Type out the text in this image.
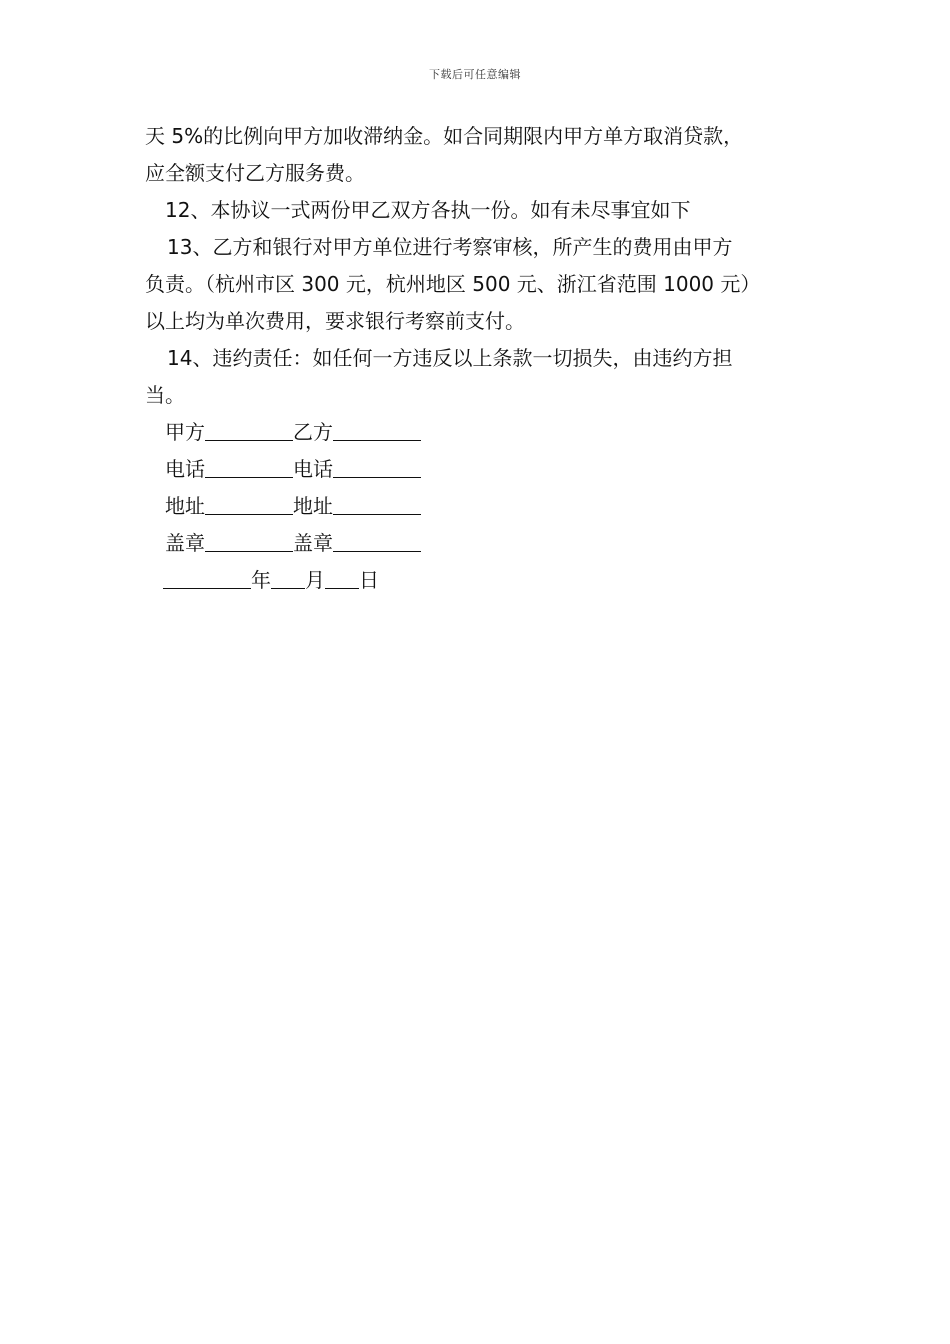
下载后可任意编辑
天 5%的比例向甲方加收滞纳金。如合同期限内甲方单方取消贷款，
应全额支付乙方服务费。
12、本协议一式两份甲乙双方各执一份。如有未尽事宜如下
13、乙方和银行对甲方单位进行考察审核，所产生的费用由甲方
负责。（杭州市区 300 元，杭州地区 500 元、浙江省范围 1000 元）
以上均为单次费用，要求银行考察前支付。
14、违约责任：如任何一方违反以上条款一切损失，由违约方担
当。
甲方	乙方
电话	电话
地址	地址
盖章	盖章
年 月 日
